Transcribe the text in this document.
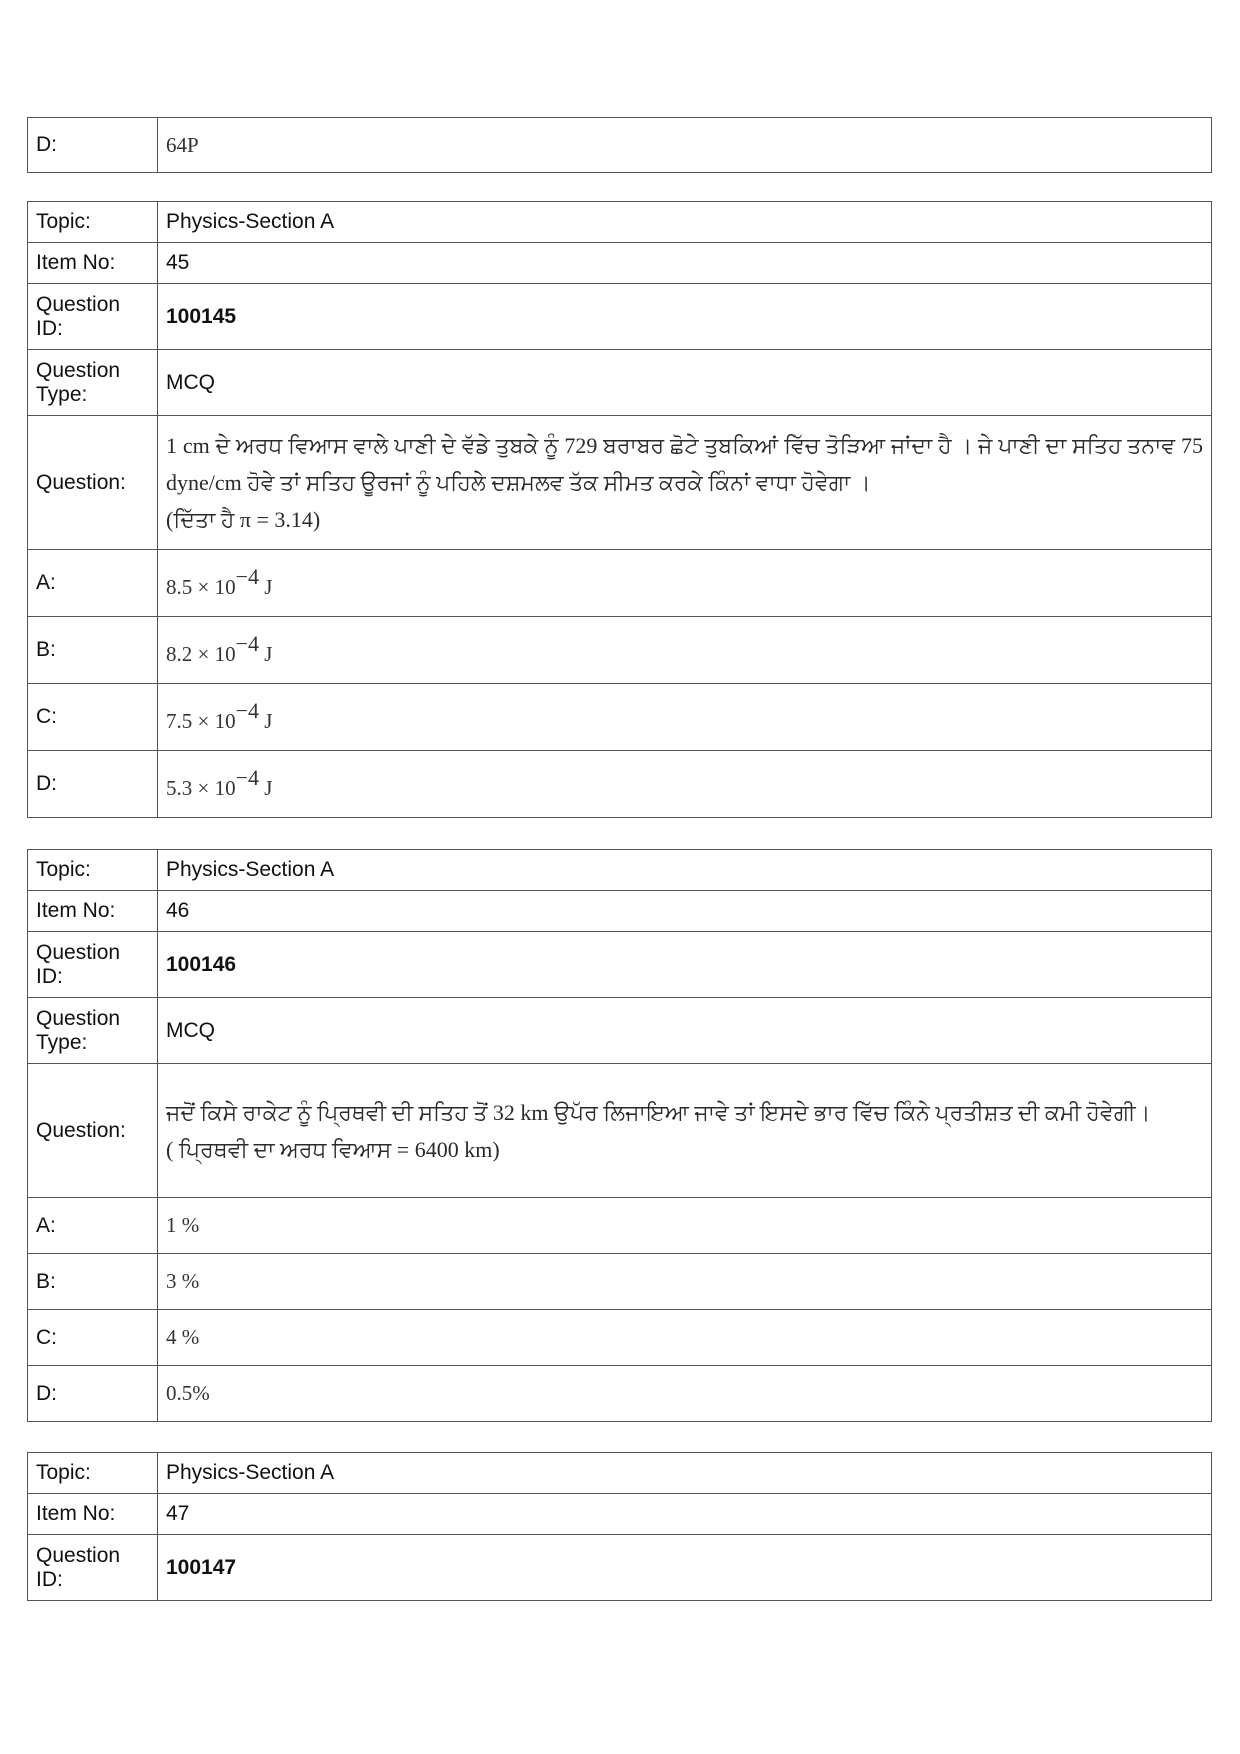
D:	64P
Topic:	Physics-Section A
Item No:	45
Question ID:	100145
Question Type:	MCQ
Question:	1 cm ਦੇ ਅਰਧ ਵਿਆਸ ਵਾਲੇ ਪਾਣੀ ਦੇ ਵੱਡੇ ਤੁਬਕੇ ਨੂੰ 729 ਬਰਾਬਰ ਛੋਟੇ ਤੁਬਕਿਆਂ ਵਿੱਚ ਤੋੜਿਆ ਜਾਂਦਾ ਹੈ । ਜੇ ਪਾਣੀ ਦਾ ਸਤਿਹ ਤਨਾਵ 75 dyne/cm ਹੋਵੇ ਤਾਂ ਸਤਿਹ ਊਰਜਾਂ ਨੂੰ ਪਹਿਲੇ ਦਸ਼ਮਲਵ ਤੱਕ ਸੀਮਤ ਕਰਕੇ ਕਿੰਨਾਂ ਵਾਧਾ ਹੋਵੇਗਾ ।
(ਦਿੱਤਾ ਹੈ π = 3.14)

A:	$8.5 \times 10^{-4}$ J
B:	$8.2 \times 10^{-4}$ J
C:	$7.5 \times 10^{-4}$ J
D:	$5.3 \times 10^{-4}$ J
Topic:	Physics-Section A
Item No:	46
Question ID:	100146
Question Type:	MCQ
Question:	ਜਦੋਂ ਕਿਸੇ ਰਾਕੇਟ ਨੂੰ ਪ੍ਰਿਥਵੀ ਦੀ ਸਤਿਹ ਤੋਂ 32 km ਉਪੱਰ ਲਿਜਾਇਆ ਜਾਵੇ ਤਾਂ ਇਸਦੇ ਭਾਰ ਵਿੱਚ ਕਿੰਨੇ ਪ੍ਰਤੀਸ਼ਤ ਦੀ ਕਮੀ ਹੋਵੇਗੀ।
( ਪ੍ਰਿਥਵੀ ਦਾ ਅਰਧ ਵਿਆਸ = 6400 km)

A:	1 %
B:	3 %
C:	4 %
D:	0.5%
Topic:	Physics-Section A
Item No:	47
Question ID:	100147
